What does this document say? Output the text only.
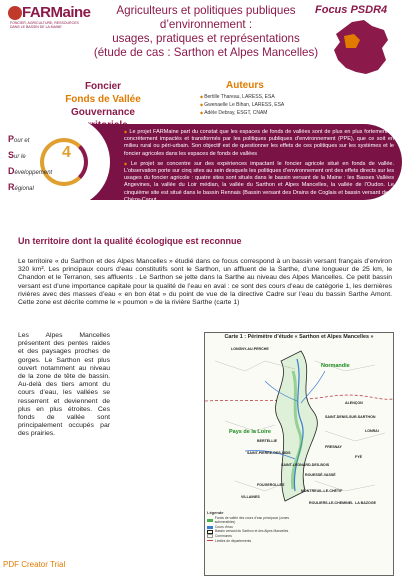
FARMaine
FONCIER, AGRICULTURE, RESSOURCES
DANS LE BASSIN DE LA MAINE
Agriculteurs et politiques publiques
d’environnement :
usages, pratiques et représentations
(étude de cas : Sarthon et Alpes Mancelles)
Focus PSDR4
Foncier
Fonds de Vallée
Gouvernance
Auteurs
◆ Bertille Thareau, LARESS, ESA
◆ Gwenaelle Le Bihan, LARESS, ESA
◆ Adèle Debray, ESGT, CNAM
Pour et
Sur le
Développement
Régional
4

◆ Le projet FARMaine part du constat que les espaces de fonds de vallées sont de plus en plus fortement et concrètement impactés et transformés par les politiques publiques d’environnement (PPE), que ce soit en milieu rural ou péri-urbain. Son objectif est de questionner les effets de ces politiques sur les systèmes et le foncier agricoles dans les espaces de fonds de vallées

◆ Le projet se concentre sur des expériences impactant le foncier agricole situé en fonds de vallée. L’observation porte sur cinq sites au sein desquels les politiques d’environnement ont des effets directs sur les usages du foncier agricole : quatre sites sont situés dans le bassin versant de la Maine : les Basses Vallées Angevines, la vallée du Loir médian, la vallée du Sarthon et Alpes Mancelles, la vallée de l’Oudon. Le cinquième site est situé dans le bassin Rennais (Bassin versant des Drains de Coglais et bassin versant de la Chèze-Canut,

Un territoire dont la qualité écologique est reconnue
Le territoire « du Sarthon et des Alpes Mancelles » étudié dans ce focus correspond à un bassin versant français d’environ 320 km². Les principaux cours d’eau constitutifs sont le Sarthon, un affluent de la Sarthe, d’une longueur de 25 km, le Chandon et le Terranon, ses affluents . Le Sarthon se jette dans la Sarthe au niveau des Alpes Mancelles. Ce petit bassin versant est d’une importance capitale pour la qualité de l’eau en aval : ce sont des cours d’eau de catégorie 1, les dernières rivières avec des masses d’eau « en bon état » du point de vue de la directive Cadre sur l’eau du bassin Sarthe Amont. Cette zone est décrite comme le « poumon » de la rivière Sarthe (carte 1)
Les Alpes Mancelles présentent des pentes raides et des paysages proches de gorges. Le Sarthon est plus ouvert notamment au niveau de la zone de tête de bassin. Au-delà des tiers amont du cours d’eau, les vallées se resserrent et deviennent de plus en plus étroites. Ces fonds de vallée sont principalement occupés par des prairies.
Carte 1 : Périmètre d’étude « Sarthon et Alpes Mancelles »
Normandie
Pays de la Loire
LONGNY-AU-PERCHE
ALENÇON
SAINT-DENIS-SUR-SARTHON
LONRAI
FRESNAY
SAINT-PIERRE-DES-NIDS
SAINT-LÉONARD-DES-BOIS
FYÉ
ROUESSÉ-VASSÉ
FOUGEROLLES
VILLAINES
MONTREUIL-LE-CHÉTIF
ROULIERS-LE-CHEMINEL LA BAZOGE
BERTELLIE
Légende
Fonds de vallée des cours d’eau principaux (zones submersibles)
Cours d’eau
Bassin versant du Sarthon et des Alpes Mancelles
Communes
Limites de départements
PDF Creator Trial
